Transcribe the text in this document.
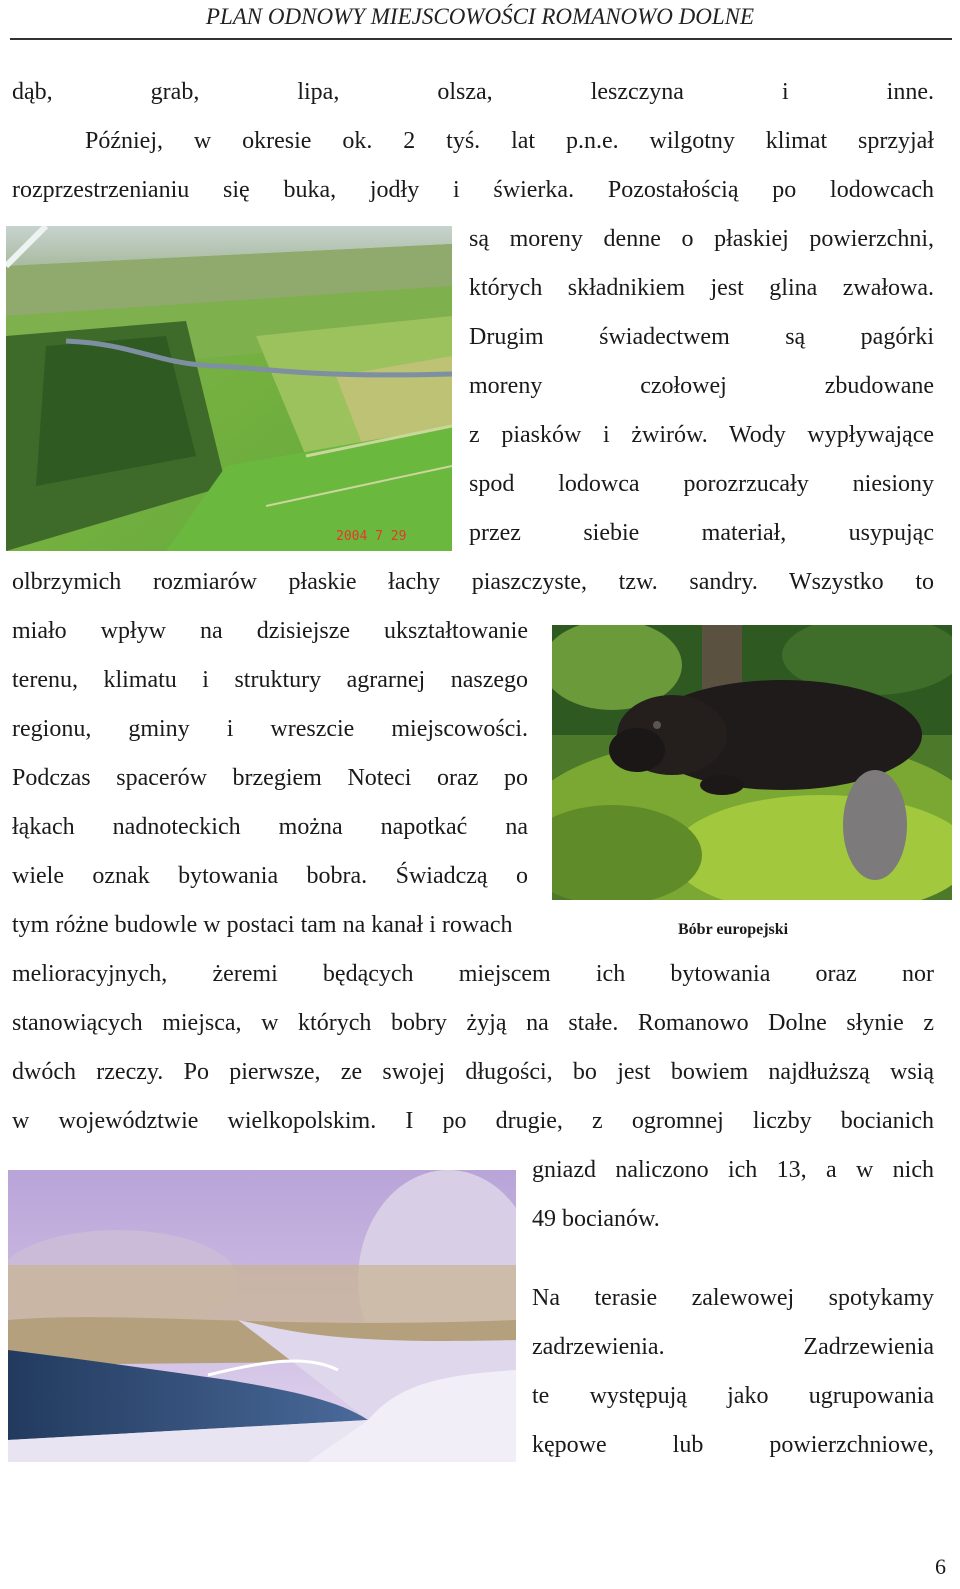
PLAN ODNOWY MIEJSCOWOŚCI ROMANOWO DOLNE
2004 7 29
Bóbr europejski
dąb, grab, lipa, olsza, leszczyna i inne.
Później, w okresie ok. 2 tyś. lat p.n.e. wilgotny klimat sprzyjał
rozprzestrzenianiu się buka, jodły i świerka. Pozostałością po lodowcach
są moreny denne o płaskiej powierzchni,
których składnikiem jest glina zwałowa.
Drugim świadectwem są pagórki
moreny czołowej zbudowane
z piasków i żwirów. Wody wypływające
spod lodowca porozrzucały niesiony
przez siebie materiał, usypując
olbrzymich rozmiarów płaskie łachy piaszczyste, tzw. sandry. Wszystko to
miało wpływ na dzisiejsze ukształtowanie
terenu, klimatu i struktury agrarnej naszego
regionu, gminy i wreszcie miejscowości.
Podczas spacerów brzegiem Noteci oraz po
łąkach nadnoteckich można napotkać na
wiele oznak bytowania bobra. Świadczą o
tym różne budowle w postaci tam na kanał i rowach
melioracyjnych, żeremi będących miejscem ich bytowania oraz nor
stanowiących miejsca, w których bobry żyją na stałe. Romanowo Dolne słynie z
dwóch rzeczy. Po pierwsze, ze swojej długości, bo jest bowiem najdłuższą wsią
w województwie wielkopolskim. I po drugie, z ogromnej liczby bocianich
gniazd naliczono ich 13, a w nich
49 bocianów.
Na terasie zalewowej spotykamy
zadrzewienia. Zadrzewienia
te występują jako ugrupowania
kępowe lub powierzchniowe,
6
